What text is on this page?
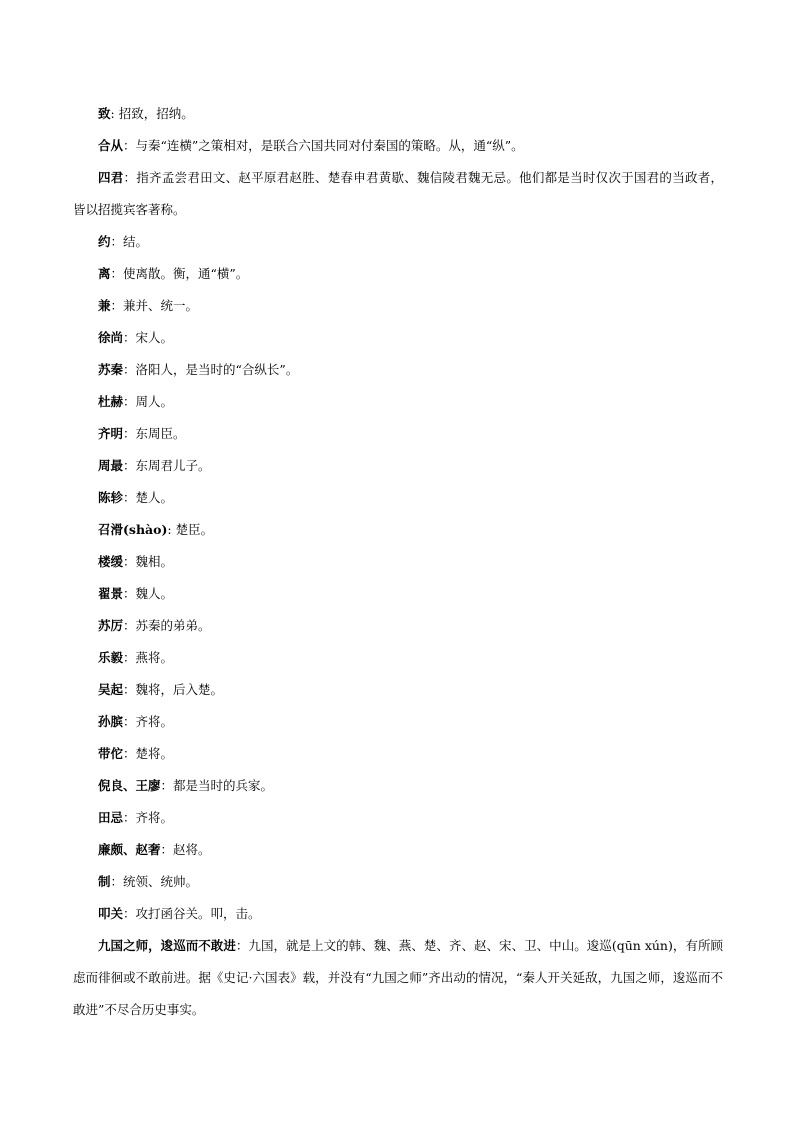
致: 招致，招纳。

合从：与秦“连横”之策相对，是联合六国共同对付秦国的策略。从，通“纵”。

四君：指齐孟尝君田文、赵平原君赵胜、楚春申君黄歇、魏信陵君魏无忌。他们都是当时仅次于国君的当政者，皆以招揽宾客著称。

约：结。

离：使离散。衡，通“横”。

兼：兼并、统一。

徐尚：宋人。

苏秦：洛阳人，是当时的“合纵长”。

杜赫：周人。

齐明：东周臣。

周最：东周君儿子。

陈轸：楚人。

召滑(shào): 楚臣。

楼缓：魏相。

翟景：魏人。

苏厉：苏秦的弟弟。

乐毅：燕将。

吴起：魏将，后入楚。

孙膑：齐将。

带佗：楚将。

倪良、王廖：都是当时的兵家。

田忌：齐将。

廉颇、赵奢：赵将。

制：统领、统帅。

叩关：攻打函谷关。叩，击。

九国之师，逡巡而不敢进：九国，就是上文的韩、魏、燕、楚、齐、赵、宋、卫、中山。逡巡(qūn xún)，有所顾虑而徘徊或不敢前进。据《史记·六国表》载，并没有“九国之师”齐出动的情况，“秦人开关延敌，九国之师，逡巡而不敢进”不尽合历史事实。
